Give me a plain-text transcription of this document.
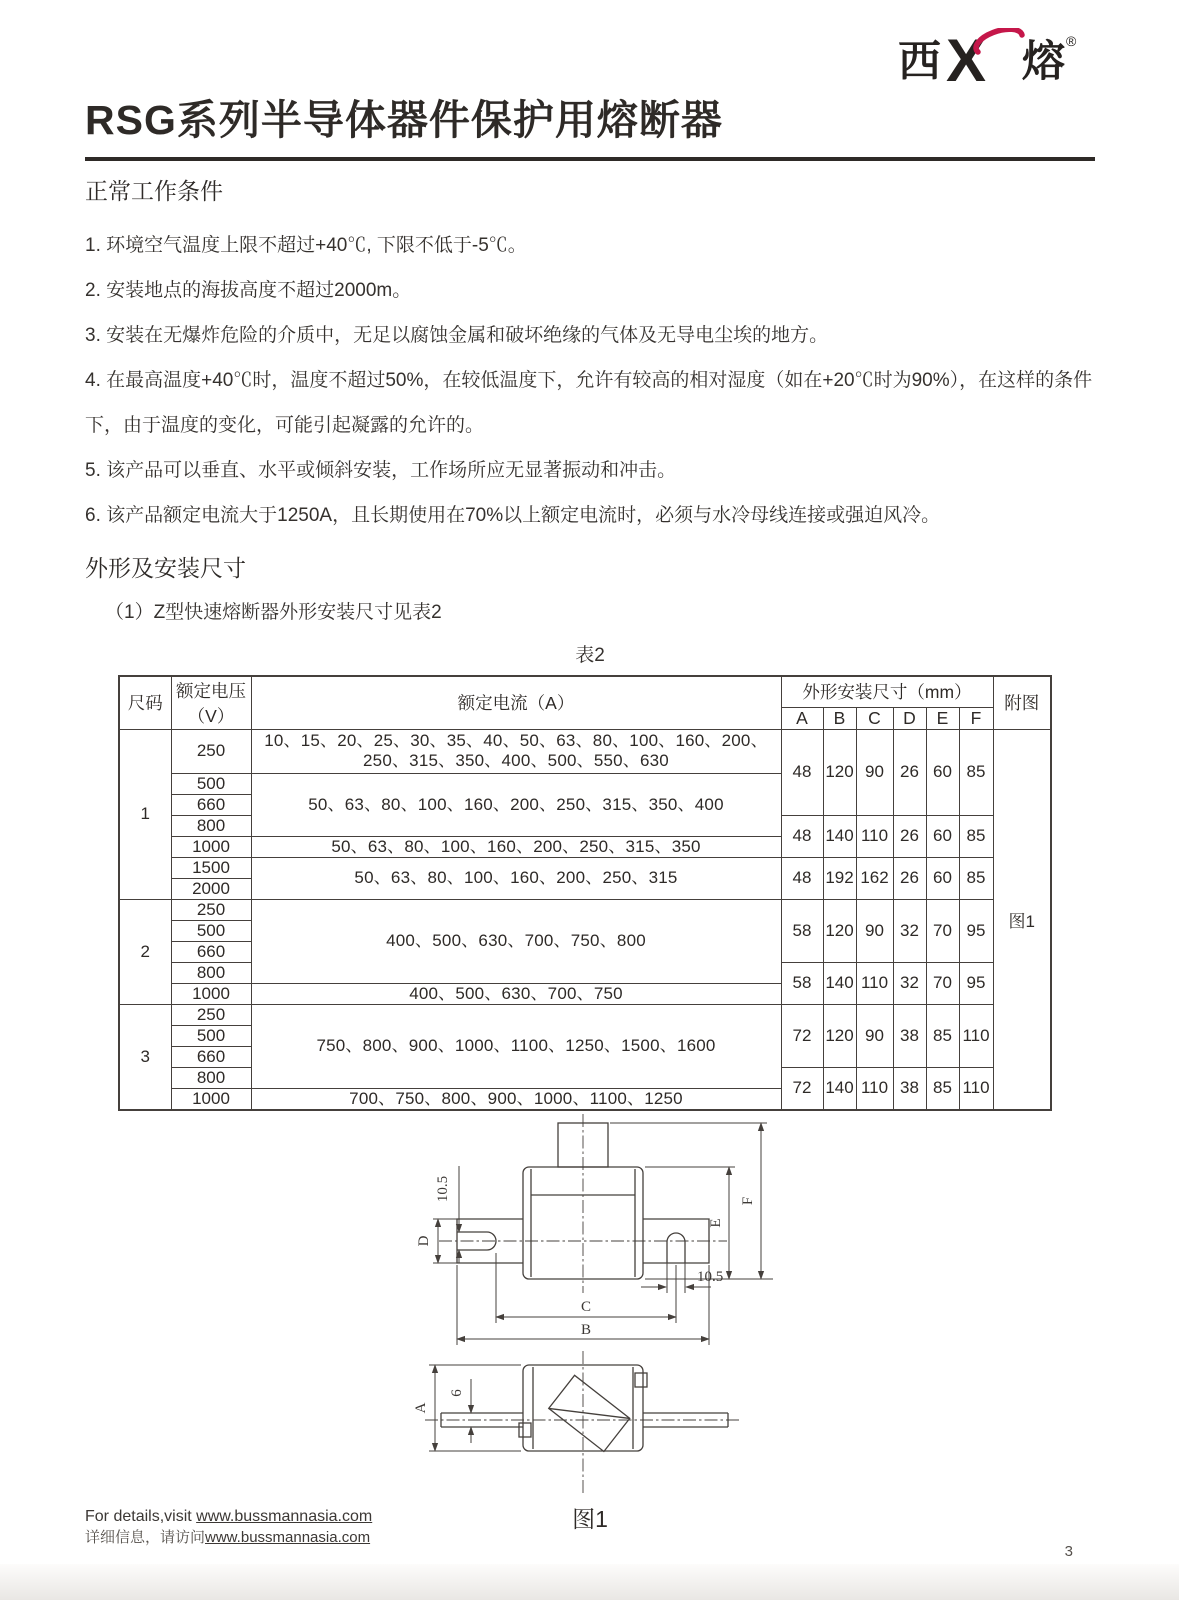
西 X 熔 ®
RSG系列半导体器件保护用熔断器
正常工作条件

1. 环境空气温度上限不超过+40℃, 下限不低于-5℃。

2. 安装地点的海拔高度不超过2000m。

3. 安装在无爆炸危险的介质中，无足以腐蚀金属和破坏绝缘的气体及无导电尘埃的地方。

4. 在最高温度+40℃时，温度不超过50%，在较低温度下，允许有较高的相对湿度（如在+20℃时为90%），在这样的条件下，由于温度的变化，可能引起凝露的允许的。

5. 该产品可以垂直、水平或倾斜安装，工作场所应无显著振动和冲击。

6. 该产品额定电流大于1250A，且长期使用在70%以上额定电流时，必须与水冷母线连接或强迫风冷。

外形及安装尺寸
（1）Z型快速熔断器外形安装尺寸见表2
表2
尺码	额定电压（V）	额定电流（A）	外形安装尺寸（mm）						附图
			A	B	C	D	E	F	
1	250	10、15、20、25、30、35、40、50、63、80、100、160、200、250、315、350、400、500、550、630	48	120	90	26	60	85	图1
	500	50、63、80、100、160、200、250、315、350、400							
	660								
	800		48	140	110	26	60	85	
	1000	50、63、80、100、160、200、250、315、350							
	1500	50、63、80、100、160、200、250、315	48	192	162	26	60	85	
	2000								
2	250	400、500、630、700、750、800	58	120	90	32	70	95	
	500								
	660								
	800		58	140	110	32	70	95	
	1000	400、500、630、700、750							
3	250	750、800、900、1000、1100、1250、1500、1600	72	120	90	38	85	110	
	500								
	660								
	800		72	140	110	38	85	110	
	1000	700、750、800、900、1000、1100、1250							
10.5
D
E
F
10.5
C
B
A
6
图1
For details,visit www.bussmannasia.com
详细信息，请访问www.bussmannasia.com
3
